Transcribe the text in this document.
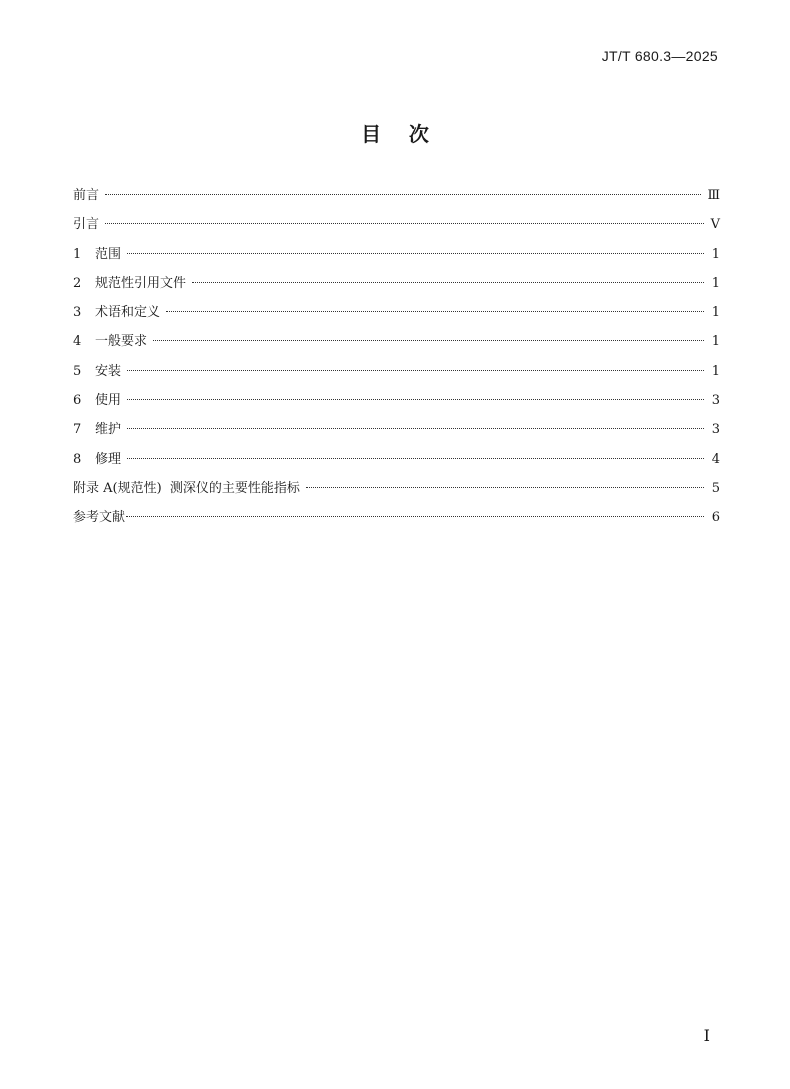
JT/T 680.3—2025
目    次
前言	Ⅲ
引言	V
1	范围	1
2	规范性引用文件	1
3	术语和定义	1
4	一般要求	1
5	安装	1
6	使用	3
7	维护	3
8	修理	4
附录 A(规范性)  测深仪的主要性能指标	5
参考文献	6
I
